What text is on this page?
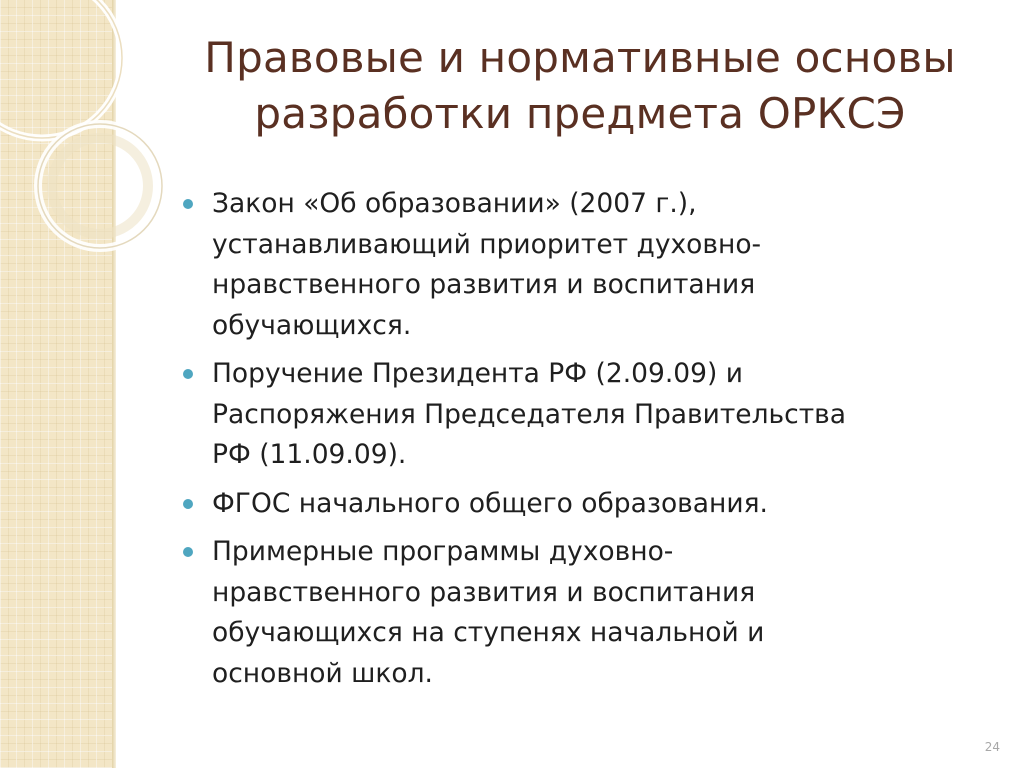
Правовые и нормативные основы
разработки предмета ОРКСЭ
Закон «Об образовании» (2007 г.),
устанавливающий приоритет духовно-
нравственного развития и воспитания
обучающихся.
Поручение Президента РФ (2.09.09) и
Распоряжения Председателя Правительства
РФ (11.09.09).
ФГОС начального общего образования.
Примерные программы духовно-
нравственного развития и воспитания
обучающихся на ступенях начальной и
основной школ.
24
